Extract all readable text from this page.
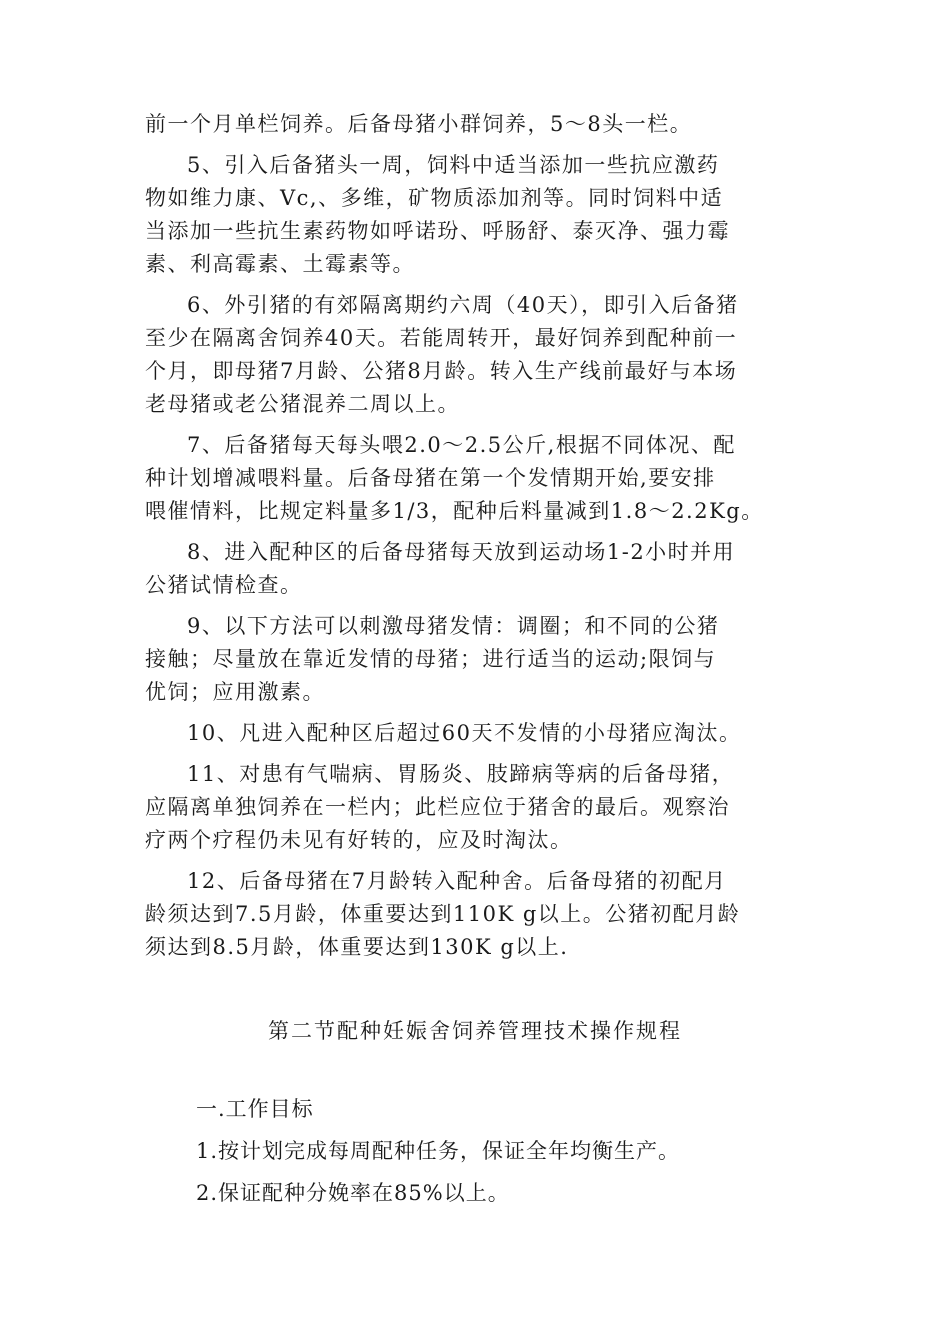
前一个月单栏饲养。后备母猪小群饲养，5～8头一栏。
5、引入后备猪头一周，饲料中适当添加一些抗应激药
物如维力康、Vc,、多维，矿物质添加剂等。同时饲料中适
当添加一些抗生素药物如呼诺玢、呼肠舒、泰灭净、强力霉
素、利高霉素、土霉素等。
6、外引猪的有郊隔离期约六周（40天），即引入后备猪
至少在隔离舍饲养40天。若能周转开，最好饲养到配种前一
个月，即母猪7月龄、公猪8月龄。转入生产线前最好与本场
老母猪或老公猪混养二周以上。
7、后备猪每天每头喂2.0～2.5公斤,根据不同体况、配
种计划增减喂料量。后备母猪在第一个发情期开始,要安排
喂催情料，比规定料量多1/3，配种后料量减到1.8～2.2Kg。
8、进入配种区的后备母猪每天放到运动场1-2小时并用
公猪试情检查。
9、以下方法可以刺激母猪发情：调圈；和不同的公猪
接触；尽量放在靠近发情的母猪；进行适当的运动;限饲与
优饲；应用激素。
10、凡进入配种区后超过60天不发情的小母猪应淘汰。
11、对患有气喘病、胃肠炎、肢蹄病等病的后备母猪，
应隔离单独饲养在一栏内；此栏应位于猪舍的最后。观察治
疗两个疗程仍未见有好转的，应及时淘汰。
12、后备母猪在7月龄转入配种舍。后备母猪的初配月
龄须达到7.5月龄，体重要达到110K g以上。公猪初配月龄
须达到8.5月龄，体重要达到130K g以上.
第二节配种妊娠舍饲养管理技术操作规程
一.工作目标
1.按计划完成每周配种任务，保证全年均衡生产。
2.保证配种分娩率在85%以上。
